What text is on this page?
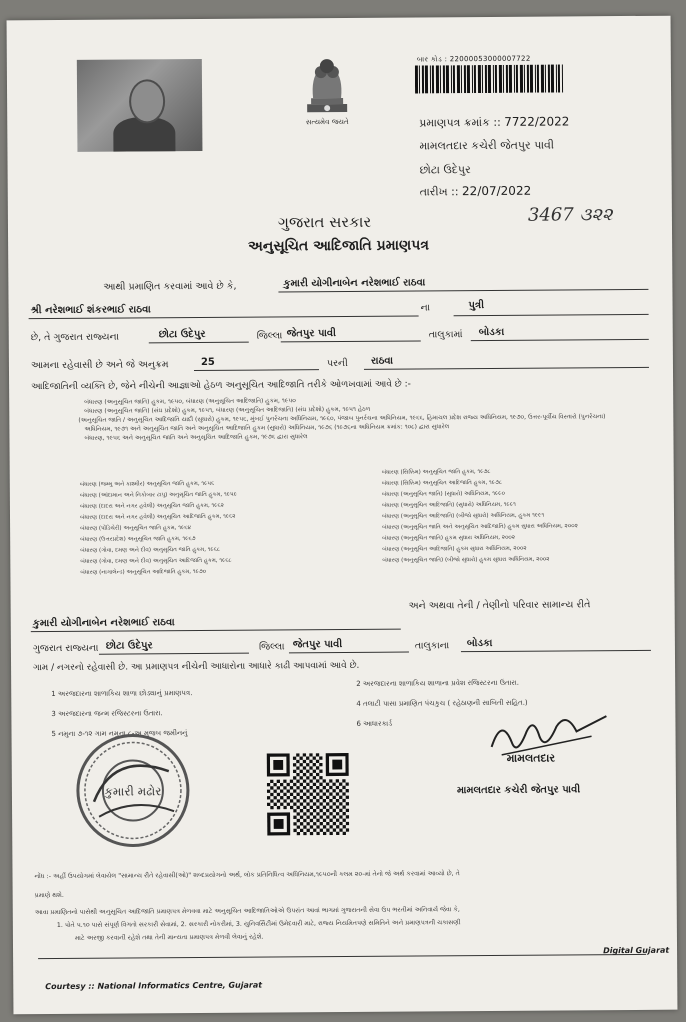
સત્યમેવ જયતે
બાર કોડ : 22000053000007722
પ્રમાણપત્ર ક્રમાંક :: 7722/2022
મામલતદાર કચેરી જેતપુર પાવી
છોટા ઉદેપુર
તારીખ :: 22/07/2022
3467 ૩૨૨
ગુજરાત સરકાર
અનુસૂચિત આદિજાતિ પ્રમાણપત્ર
આથી પ્રમાણિત કરવામાં આવે છે કે,	કુમારી યોગીનાબેન નરેશભાઈ રાઠવા
શ્રી નરેશભાઈ શંકરભાઈ રાઠવા	ના	પુત્રી
છે, તે ગુજરાત રાજ્યના	છોટા ઉદેપુર	જિલ્લા જેતપુર પાવી	તાલુકામાં બોડકા
આમના રહેવાસી છે અને જે અનુક્રમ	25	પરની રાઠવા
આદિજાતિની વ્યક્તિ છે, જેને નીચેની આજ્ઞાઓ હેઠળ અનુસૂચિત આદિજાતિ તરીકે ઓળખવામાં આવે છે :-
બંધારણ (અનુસૂચિત જાતિ) હુકમ, ૧૯૫૦, બંધારણ (અનુસૂચિત આદિજાતિ) હુકમ, ૧૯૫૦
બંધારણ (અનુસૂચિત જાતિ) (સંઘ પ્રદેશો) હુકમ, ૧૯૫૧, બંધારણ (અનુસૂચિત આદિજાતિ) (સંઘ પ્રદેશો) હુકમ, ૧૯૫૧ હેઠળ
(અનુસૂચિત જાતિ / અનુસૂચિત આદિજાતિ યાદી (સુધારો) હુકમ, ૧૯૫૬, મુંબઈ પુનર્રચના અધિનિયમ, ૧૯૬૦, પંજાબ પુનર્રચના અધિનિયમ, ૧૯૬૬, હિમાચલ પ્રદેશ રાજ્ય અધિનિયમ, ૧૯૭૦, ઉત્તર-પૂર્વીય વિસ્તારો (પુનર્રચના)
અધિનિયમ, ૧૯૭૧ અને અનુસૂચિત જાતિ અને અનુસૂચિત આદિજાતિ હુકમ (સુધારો) અધિનિયમ, ૧૯૭૬ (૧૯૭૬ના અધિનિયમ ક્રમાંક: ૧૦૮) દ્વારા સુધારેલ
બંધારણ, ૧૯૫૬ અને અનુસૂચિત જાતિ અને અનુસૂચિત આદિજાતિ હુકમ, ૧૯૭૬ દ્વારા સુધારેલ
બંધારણ (જમ્મુ અને કાશ્મીર) અનુસૂચિત જાતિ હુકમ, ૧૯૫૬
બંધારણ (આંદામાન અને નિકોબાર ટાપુ) અનુસૂચિત જાતિ હુકમ, ૧૯૫૯
બંધારણ (દાદરા અને નગર હવેલી) અનુસૂચિત જાતિ હુકમ, ૧૯૬૨
બંધારણ (દાદરા અને નગર હવેલી) અનુસૂચિત આદિજાતિ હુકમ, ૧૯૬૨
બંધારણ (પોંડિચેરી) અનુસૂચિત જાતિ હુકમ, ૧૯૬૪
બંધારણ (ઉત્તરપ્રદેશ) અનુસૂચિત જાતિ હુકમ, ૧૯૬૭
બંધારણ (ગોવા, દમણ અને દીવ) અનુસૂચિત જાતિ હુકમ, ૧૯૬૮
બંધારણ (ગોવા, દમણ અને દીવ) અનુસૂચિત આદિજાતિ હુકમ, ૧૯૬૮
બંધારણ (નાગાલેન્ડ) અનુસૂચિત આદિજાતિ હુકમ, ૧૯૭૦
બંધારણ (સિક્કિમ) અનુસૂચિત જાતિ હુકમ, ૧૯૭૮
બંધારણ (સિક્કિમ) અનુસૂચિત આદિજાતિ હુકમ, ૧૯૭૮
બંધારણ (અનુસૂચિત જાતિ) (સુધારો) અધિનિયમ, ૧૯૯૦
બંધારણ (અનુસૂચિત આદિજાતિ) (સુધારો) અધિનિયમ, ૧૯૯૧
બંધારણ (અનુસૂચિત આદિજાતિ) (બીજો સુધારો) અધિનિયમ, હુકમ ૧૯૯૧
બંધારણ (અનુસૂચિત જાતિ અને અનુસૂચિત આદિજાતિ) હુકમ સુધારા અધિનિયમ, ૨૦૦૨
બંધારણ (અનુસૂચિત જાતિ) હુકમ સુધારા અધિનિયમ, ૨૦૦૨
બંધારણ (અનુસૂચિત આદિજાતિ) હુકમ સુધારા અધિનિયમ, ૨૦૦૨
બંધારણ (અનુસૂચિત જાતિ) (બીજો સુધારો) હુકમ સુધારા અધિનિયમ, ૨૦૦૨
અને અથવા તેની / તેણીનો પરિવાર સામાન્ય રીતે
કુમારી યોગીનાબેન નરેશભાઈ રાઠવા
ગુજરાત રાજ્યના છોટા ઉદેપુર	જિલ્લા જેતપુર પાવી	તાલુકાના બોડકા
ગામ / નગરનો રહેવાસી છે. આ પ્રમાણપત્ર નીચેની આધારોના આધારે કાઢી આપવામાં આવે છે.
1 અરજદારના શાળાકિય શાળા છોડ્યાનું પ્રમાણપત્ર.
3 અરજદારના જન્મ રજિસ્ટરના ઉતારા.
5 નમુના ૭-૧૨ ગામ નમુના ૮-અ મુજબ જમીનનું
2 અરજદારના શાળાકિય શાળાના પ્રવેશ રજિસ્ટરના ઉતારા.
4 તલાટી પાસા પ્રમાણિત પંચકુચ ( રહેઠાણની સાબિતી સહિત.)
6 આધારકાર્ડ
કુમારી મઢોર
મામલતદાર
મામલતદાર કચેરી જેતપુર પાવી
નોંધ :- અહીં ઉપયોગમાં લેવાયેલ "સામાન્ય રીતે રહેવાસી(ઓ)" શબ્દપ્રયોગનો અર્થ, લોક પ્રતિનિધિત્વ અધિનિયમ,૧૯૫૦ની કલમ ૨૦-માં તેનો જે અર્થ કરવામાં આવ્યો છે, તે
પ્રમાણે થશે.
આવા પ્રમાણિતનો પાસેથી અનુસૂચિત આદિજાતિ પ્રમાણપત્ર મેળવવા માટે અનુસૂચિત આદિજાતિઓએ ઉપરાંત આવાં ભાગમાં ગુજરાતની સેવા ઉપ ભરતીમાં અનિવાર્ય જેવા કે,
1. પોતે પ.૧૦ પાસે સંપૂર્ણ વિગતો સરકારી સેવામાં, 2. સરકારી નોકરીમાં, 3. યુનિવર્સિટીમાં ઉમેદવારી માટે, રાજ્ય નિયમિતપણે સમિતિને અને પ્રમાણપત્રની ચકાસણી
માટે અરજી કરવાની રહેશે તથા તેની માન્યતા પ્રમાણપત્ર મેળવી લેવાનું રહેશે.
Digital Gujarat
Courtesy :: National Informatics Centre, Gujarat
